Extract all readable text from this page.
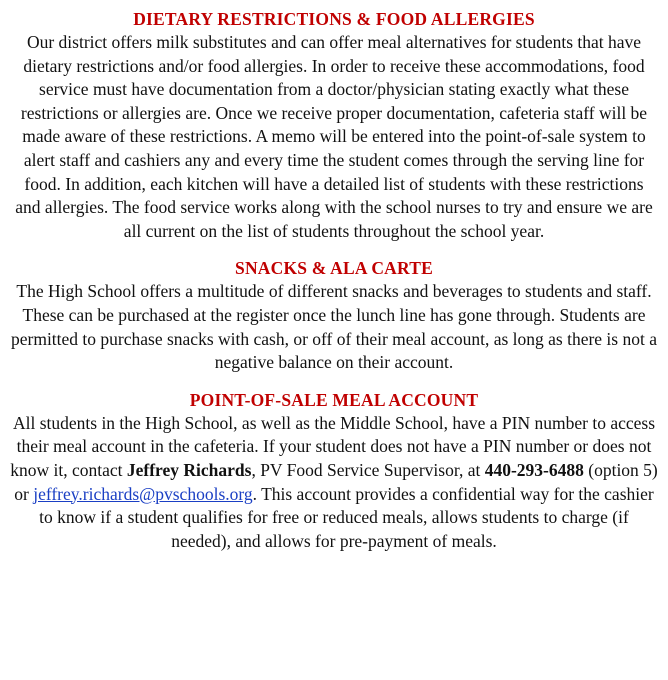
DIETARY RESTRICTIONS & FOOD ALLERGIES
Our district offers milk substitutes and can offer meal alternatives for students that have dietary restrictions and/or food allergies. In order to receive these accommodations, food service must have documentation from a doctor/physician stating exactly what these restrictions or allergies are. Once we receive proper documentation, cafeteria staff will be made aware of these restrictions. A memo will be entered into the point-of-sale system to alert staff and cashiers any and every time the student comes through the serving line for food. In addition, each kitchen will have a detailed list of students with these restrictions and allergies. The food service works along with the school nurses to try and ensure we are all current on the list of students throughout the school year.
SNACKS & ALA CARTE
The High School offers a multitude of different snacks and beverages to students and staff. These can be purchased at the register once the lunch line has gone through. Students are permitted to purchase snacks with cash, or off of their meal account, as long as there is not a negative balance on their account.
POINT-OF-SALE MEAL ACCOUNT
All students in the High School, as well as the Middle School, have a PIN number to access their meal account in the cafeteria. If your student does not have a PIN number or does not know it, contact Jeffrey Richards, PV Food Service Supervisor, at 440-293-6488 (option 5) or jeffrey.richards@pvschools.org. This account provides a confidential way for the cashier to know if a student qualifies for free or reduced meals, allows students to charge (if needed), and allows for pre-payment of meals.
